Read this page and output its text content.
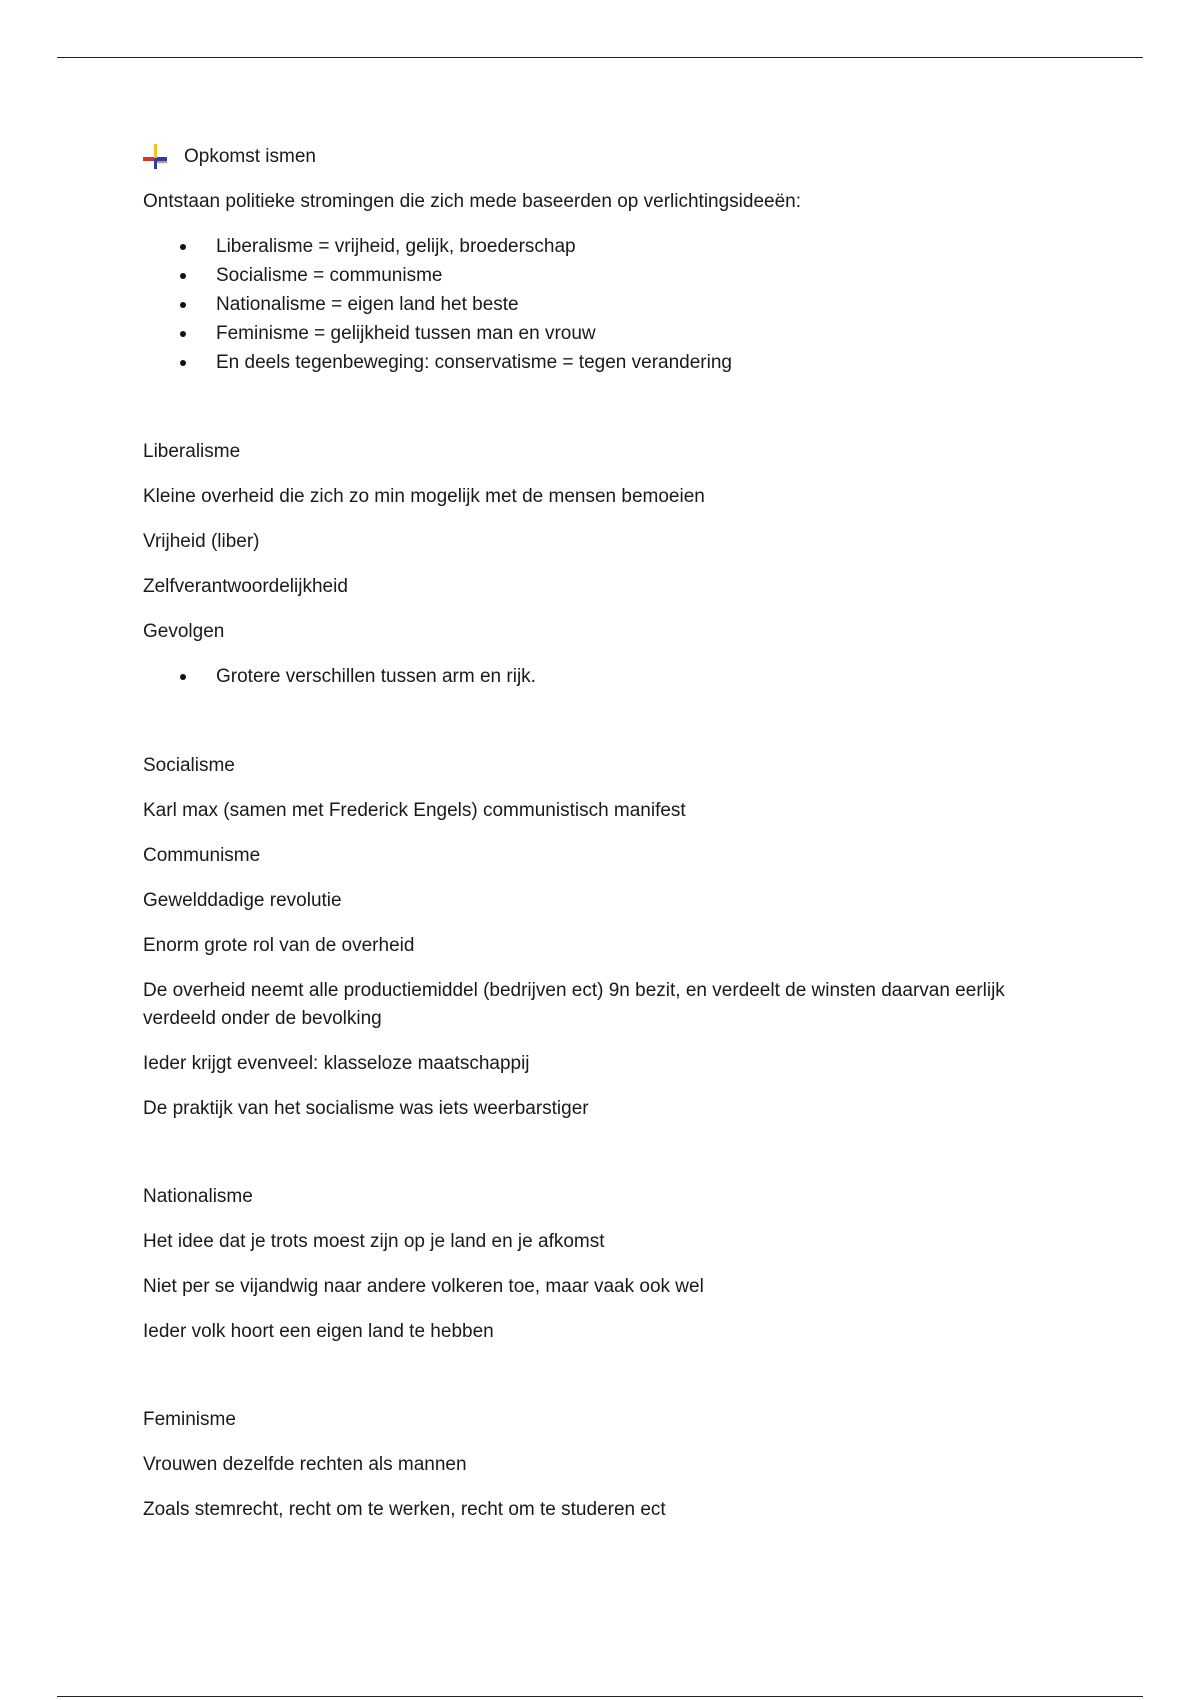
Opkomst ismen
Ontstaan politieke stromingen die zich mede baseerden op verlichtingsideeën:
Liberalisme = vrijheid, gelijk, broederschap
Socialisme = communisme
Nationalisme = eigen land het beste
Feminisme = gelijkheid tussen man en vrouw
En deels tegenbeweging: conservatisme = tegen verandering
Liberalisme
Kleine overheid die zich zo min mogelijk met de mensen bemoeien
Vrijheid (liber)
Zelfverantwoordelijkheid
Gevolgen
Grotere verschillen tussen arm en rijk.
Socialisme
Karl max (samen met Frederick Engels) communistisch manifest
Communisme
Gewelddadige revolutie
Enorm grote rol van de overheid
De overheid neemt alle productiemiddel (bedrijven ect) 9n bezit, en verdeelt de winsten daarvan eerlijk verdeeld onder de bevolking
Ieder krijgt evenveel: klasseloze maatschappij
De praktijk van het socialisme was iets weerbarstiger
Nationalisme
Het idee dat je trots moest zijn op je land en je afkomst
Niet per se vijandwig naar andere volkeren toe, maar vaak ook wel
Ieder volk hoort een eigen land te hebben
Feminisme
Vrouwen dezelfde rechten als mannen
Zoals stemrecht, recht om te werken, recht om te studeren ect
